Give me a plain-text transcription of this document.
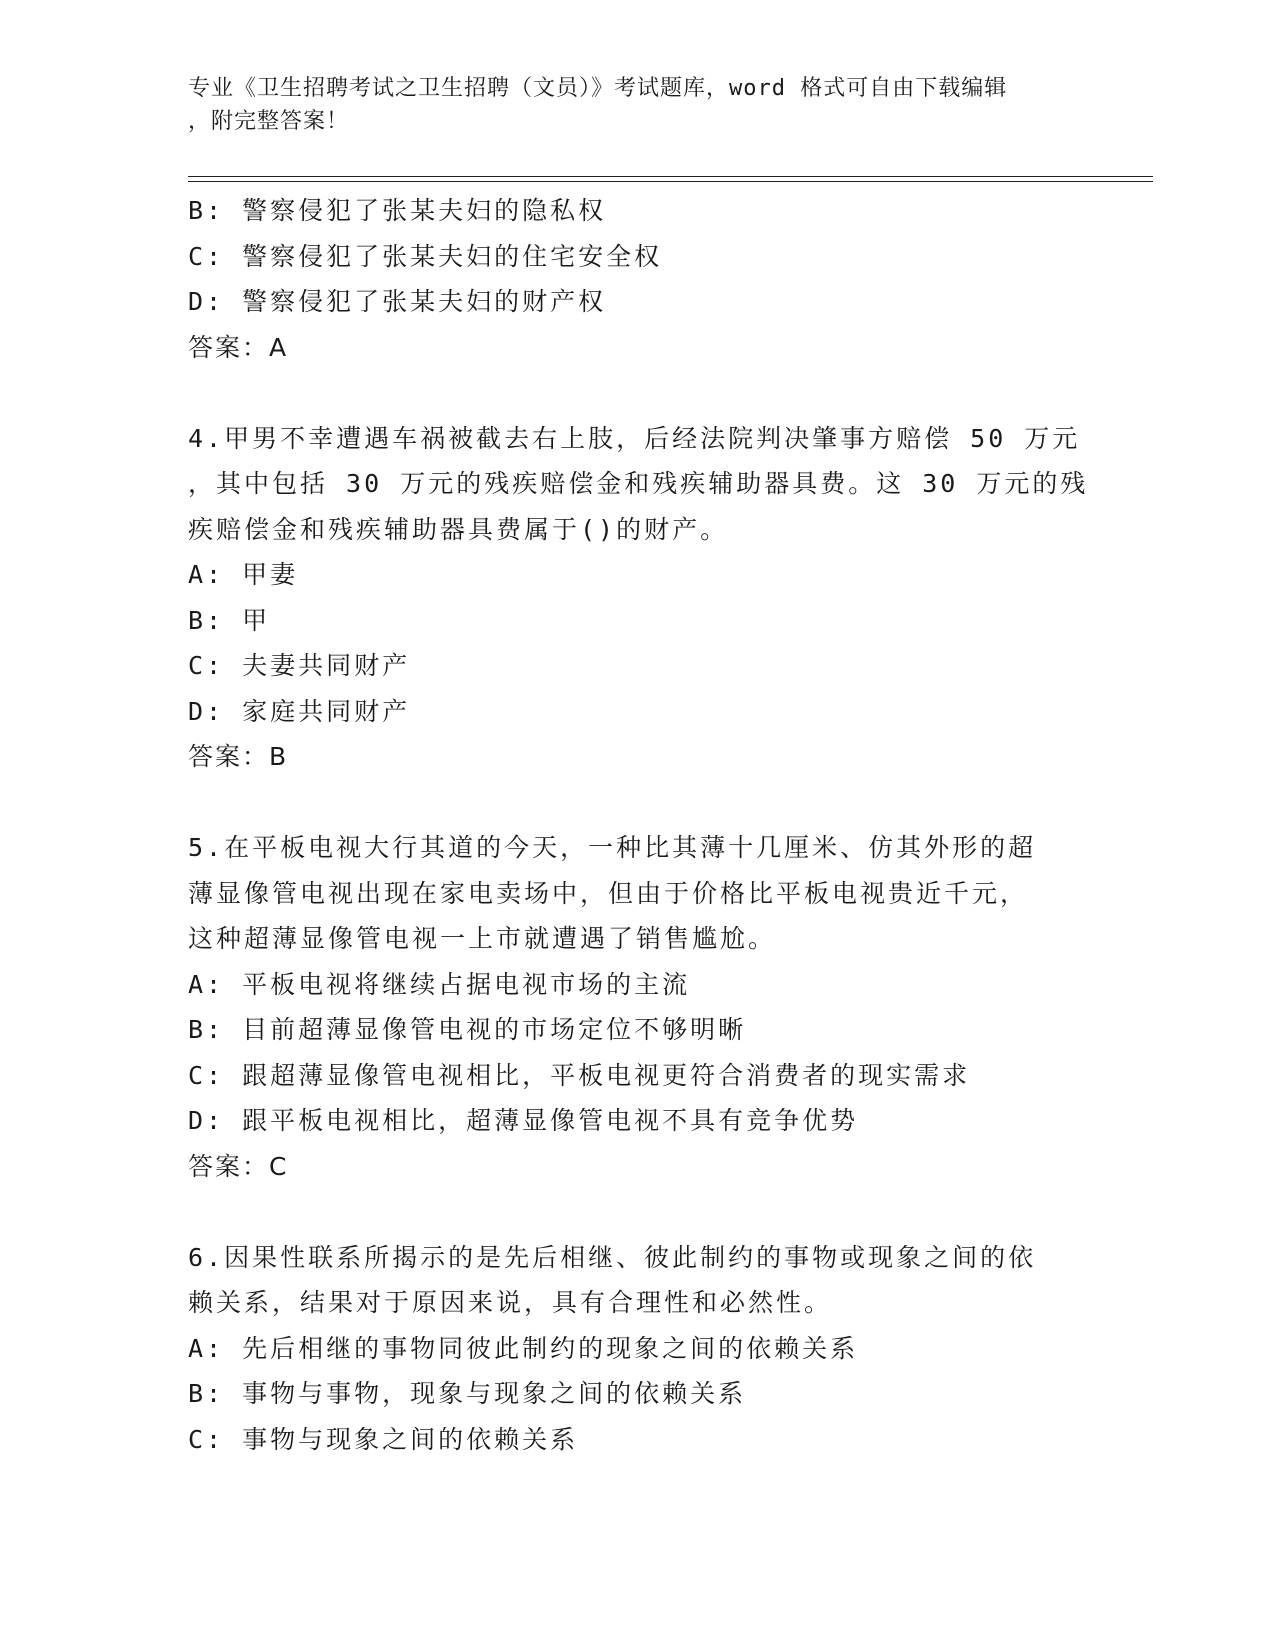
专业《卫生招聘考试之卫生招聘（文员）》考试题库，word 格式可自由下载编辑
，附完整答案！
B: 警察侵犯了张某夫妇的隐私权
C: 警察侵犯了张某夫妇的住宅安全权
D: 警察侵犯了张某夫妇的财产权
答案：A
4.甲男不幸遭遇车祸被截去右上肢，后经法院判决肇事方赔偿 50 万元
，其中包括 30 万元的残疾赔偿金和残疾辅助器具费。这 30 万元的残
疾赔偿金和残疾辅助器具费属于()的财产。
A: 甲妻
B: 甲
C: 夫妻共同财产
D: 家庭共同财产
答案：B
5.在平板电视大行其道的今天，一种比其薄十几厘米、仿其外形的超
薄显像管电视出现在家电卖场中，但由于价格比平板电视贵近千元，
这种超薄显像管电视一上市就遭遇了销售尴尬。
A: 平板电视将继续占据电视市场的主流
B: 目前超薄显像管电视的市场定位不够明晰
C: 跟超薄显像管电视相比，平板电视更符合消费者的现实需求
D: 跟平板电视相比，超薄显像管电视不具有竞争优势
答案：C
6.因果性联系所揭示的是先后相继、彼此制约的事物或现象之间的依
赖关系，结果对于原因来说，具有合理性和必然性。
A: 先后相继的事物同彼此制约的现象之间的依赖关系
B: 事物与事物，现象与现象之间的依赖关系
C: 事物与现象之间的依赖关系
